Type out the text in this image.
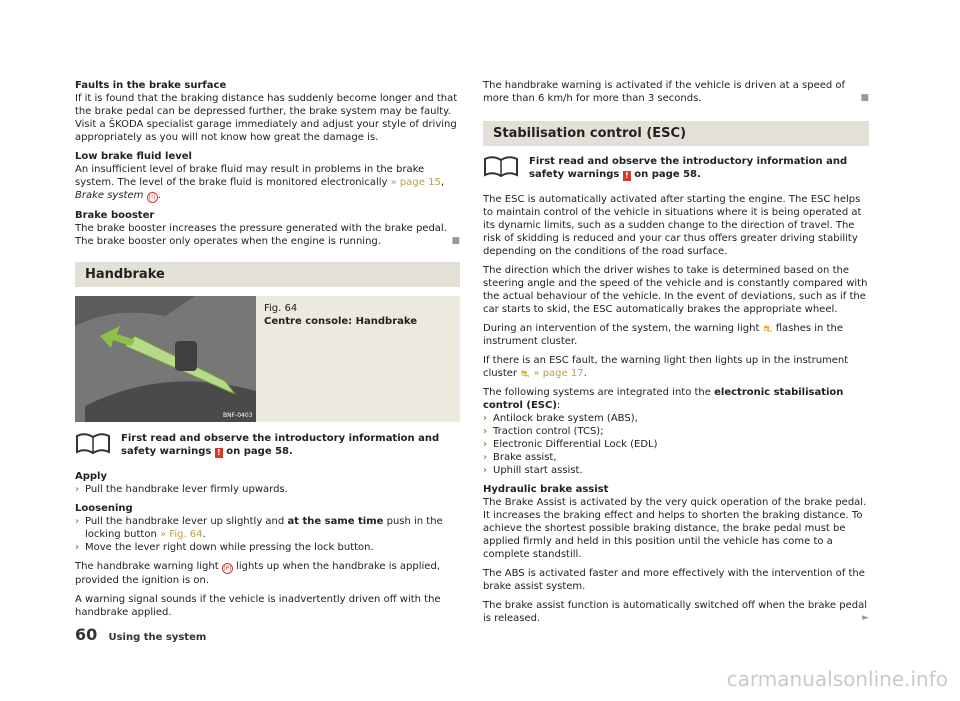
Faults in the brake surface
If it is found that the braking distance has suddenly become longer and that the brake pedal can be depressed further, the brake system may be faulty. Visit a ŠKODA specialist garage immediately and adjust your style of driving appropriately as you will not know how great the damage is.

Low brake fluid level
An insufficient level of brake fluid may result in problems in the brake system. The level of the brake fluid is monitored electronically » page 15, Brake system (!) .

Brake booster
The brake booster increases the pressure generated with the brake pedal. The brake booster only operates when the engine is running.	■

Handbrake
BNF-0403
Fig. 64
Centre console: Handbrake
First read and observe the introductory information and safety warnings ! on page 58.
Apply
› Pull the handbrake lever firmly upwards.
Loosening
› Pull the handbrake lever up slightly and at the same time push in the locking button » Fig. 64.
› Move the lever right down while pressing the lock button.

The handbrake warning light (P) lights up when the handbrake is applied, provided the ignition is on.

A warning signal sounds if the vehicle is inadvertently driven off with the handbrake applied.

The handbrake warning is activated if the vehicle is driven at a speed of more than 6 km/h for more than 3 seconds.	■

Stabilisation control (ESC)
First read and observe the introductory information and safety warnings ! on page 58.

The ESC is automatically activated after starting the engine. The ESC helps to maintain control of the vehicle in situations where it is being operated at its dynamic limits, such as a sudden change to the direction of travel. The risk of skidding is reduced and your car thus offers greater driving stability depending on the conditions of the road surface.

The direction which the driver wishes to take is determined based on the steering angle and the speed of the vehicle and is constantly compared with the actual behaviour of the vehicle. In the event of deviations, such as if the car starts to skid, the ESC automatically brakes the appropriate wheel.

During an intervention of the system, the warning light ⛐ flashes in the instrument cluster.

If there is an ESC fault, the warning light then lights up in the instrument cluster ⛐ » page 17.

The following systems are integrated into the electronic stabilisation control (ESC):

› Antilock brake system (ABS),
› Traction control (TCS);
› Electronic Differential Lock (EDL)
› Brake assist,
› Uphill start assist.

Hydraulic brake assist
The Brake Assist is activated by the very quick operation of the brake pedal. It increases the braking effect and helps to shorten the braking distance. To achieve the shortest possible braking distance, the brake pedal must be applied firmly and held in this position until the vehicle has come to a complete standstill.

The ABS is activated faster and more effectively with the intervention of the brake assist system.

The brake assist function is automatically switched off when the brake pedal is released.	►

60 Using the system
carmanualsonline.info
